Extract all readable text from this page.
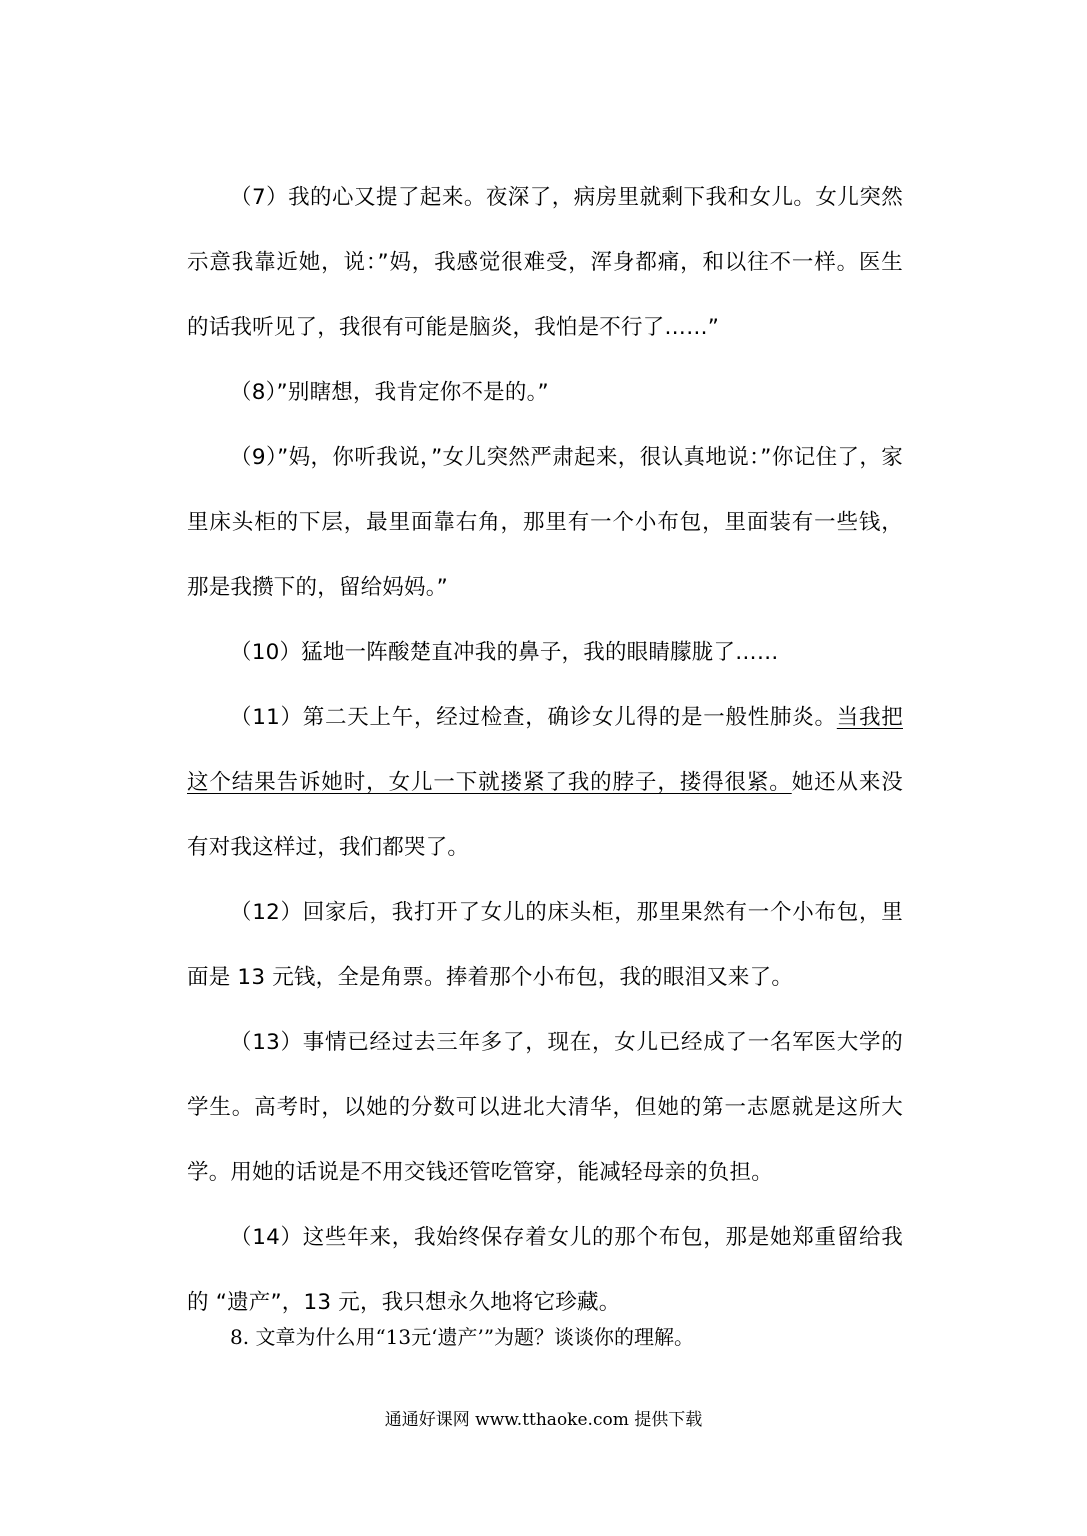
（7）我的心又提了起来。夜深了，病房里就剩下我和女儿。女儿突然示意我靠近她，说：”妈，我感觉很难受，浑身都痛，和以往不一样。医生的话我听见了，我很有可能是脑炎，我怕是不行了……”

（8）”别瞎想，我肯定你不是的。”

（9）”妈，你听我说，”女儿突然严肃起来，很认真地说：”你记住了，家里床头柜的下层，最里面靠右角，那里有一个小布包，里面装有一些钱，那是我攒下的，留给妈妈。”

（10）猛地一阵酸楚直冲我的鼻子，我的眼睛朦胧了……

（11）第二天上午，经过检查，确诊女儿得的是一般性肺炎。当我把这个结果告诉她时，女儿一下就搂紧了我的脖子，搂得很紧。她还从来没有对我这样过，我们都哭了。

（12）回家后，我打开了女儿的床头柜，那里果然有一个小布包，里面是 13 元钱，全是角票。捧着那个小布包，我的眼泪又来了。

（13）事情已经过去三年多了，现在，女儿已经成了一名军医大学的学生。高考时，以她的分数可以进北大清华，但她的第一志愿就是这所大学。用她的话说是不用交钱还管吃管穿，能减轻母亲的负担。

（14）这些年来，我始终保存着女儿的那个布包，那是她郑重留给我的 “遗产”，13 元，我只想永久地将它珍藏。

8. 文章为什么用“13元‘遗产’”为题？谈谈你的理解。
通通好课网 www.tthaoke.com 提供下载
